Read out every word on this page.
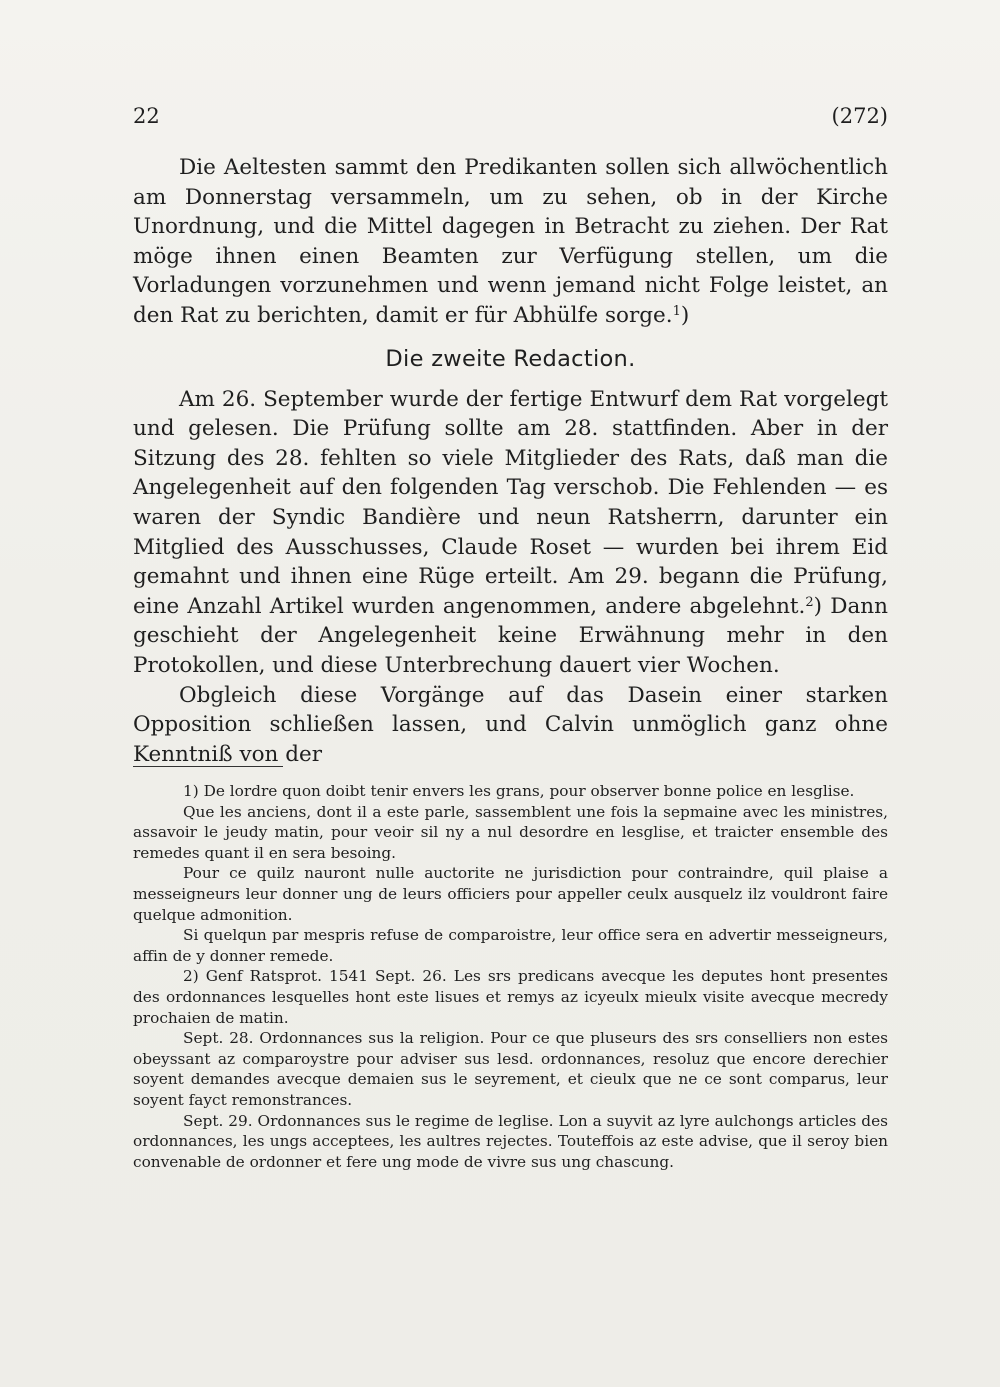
22	(272)

Die Aeltesten sammt den Predikanten sollen sich allwöchentlich am Donnerstag versammeln, um zu sehen, ob in der Kirche Unordnung, und die Mittel dagegen in Betracht zu ziehen. Der Rat möge ihnen einen Beamten zur Verfügung stellen, um die Vorladungen vorzunehmen und wenn jemand nicht Folge leistet, an den Rat zu berichten, damit er für Abhülfe sorge.$^1$)

Die zweite Redaction.

Am 26. September wurde der fertige Entwurf dem Rat vorgelegt und gelesen. Die Prüfung sollte am 28. stattfinden. Aber in der Sitzung des 28. fehlten so viele Mitglieder des Rats, daß man die Angelegenheit auf den folgenden Tag verschob. Die Fehlenden — es waren der Syndic Bandière und neun Ratsherrn, darunter ein Mitglied des Ausschusses, Claude Roset — wurden bei ihrem Eid gemahnt und ihnen eine Rüge erteilt. Am 29. begann die Prüfung, eine Anzahl Artikel wurden angenommen, andere abgelehnt.$^2$) Dann geschieht der Angelegenheit keine Erwähnung mehr in den Protokollen, und diese Unterbrechung dauert vier Wochen.

Obgleich diese Vorgänge auf das Dasein einer starken Opposition schließen lassen, und Calvin unmöglich ganz ohne Kenntniß von der

1) De lordre quon doibt tenir envers les grans, pour observer bonne police en lesglise.

Que les anciens, dont il a este parle, sassemblent une fois la sepmaine avec les ministres, assavoir le jeudy matin, pour veoir sil ny a nul desordre en lesglise, et traicter ensemble des remedes quant il en sera besoing.

Pour ce quilz nauront nulle auctorite ne jurisdiction pour contraindre, quil plaise a messeigneurs leur donner ung de leurs officiers pour appeller ceulx ausquelz ilz vouldront faire quelque admonition.

Si quelqun par mespris refuse de comparoistre, leur office sera en advertir messeigneurs, affin de y donner remede.

2) Genf Ratsprot. 1541 Sept. 26. Les srs predicans avecque les deputes hont presentes des ordonnances lesquelles hont este lisues et remys az icyeulx mieulx visite avecque mecredy prochaien de matin.

Sept. 28. Ordonnances sus la religion. Pour ce que pluseurs des srs conselliers non estes obeyssant az comparoystre pour adviser sus lesd. ordonnances, resoluz que encore derechier soyent demandes avecque demaien sus le seyrement, et cieulx que ne ce sont comparus, leur soyent fayct remonstrances.

Sept. 29. Ordonnances sus le regime de leglise. Lon a suyvit az lyre aulchongs articles des ordonnances, les ungs acceptees, les aultres rejectes. Touteffois az este advise, que il seroy bien convenable de ordonner et fere ung mode de vivre sus ung chascung.
